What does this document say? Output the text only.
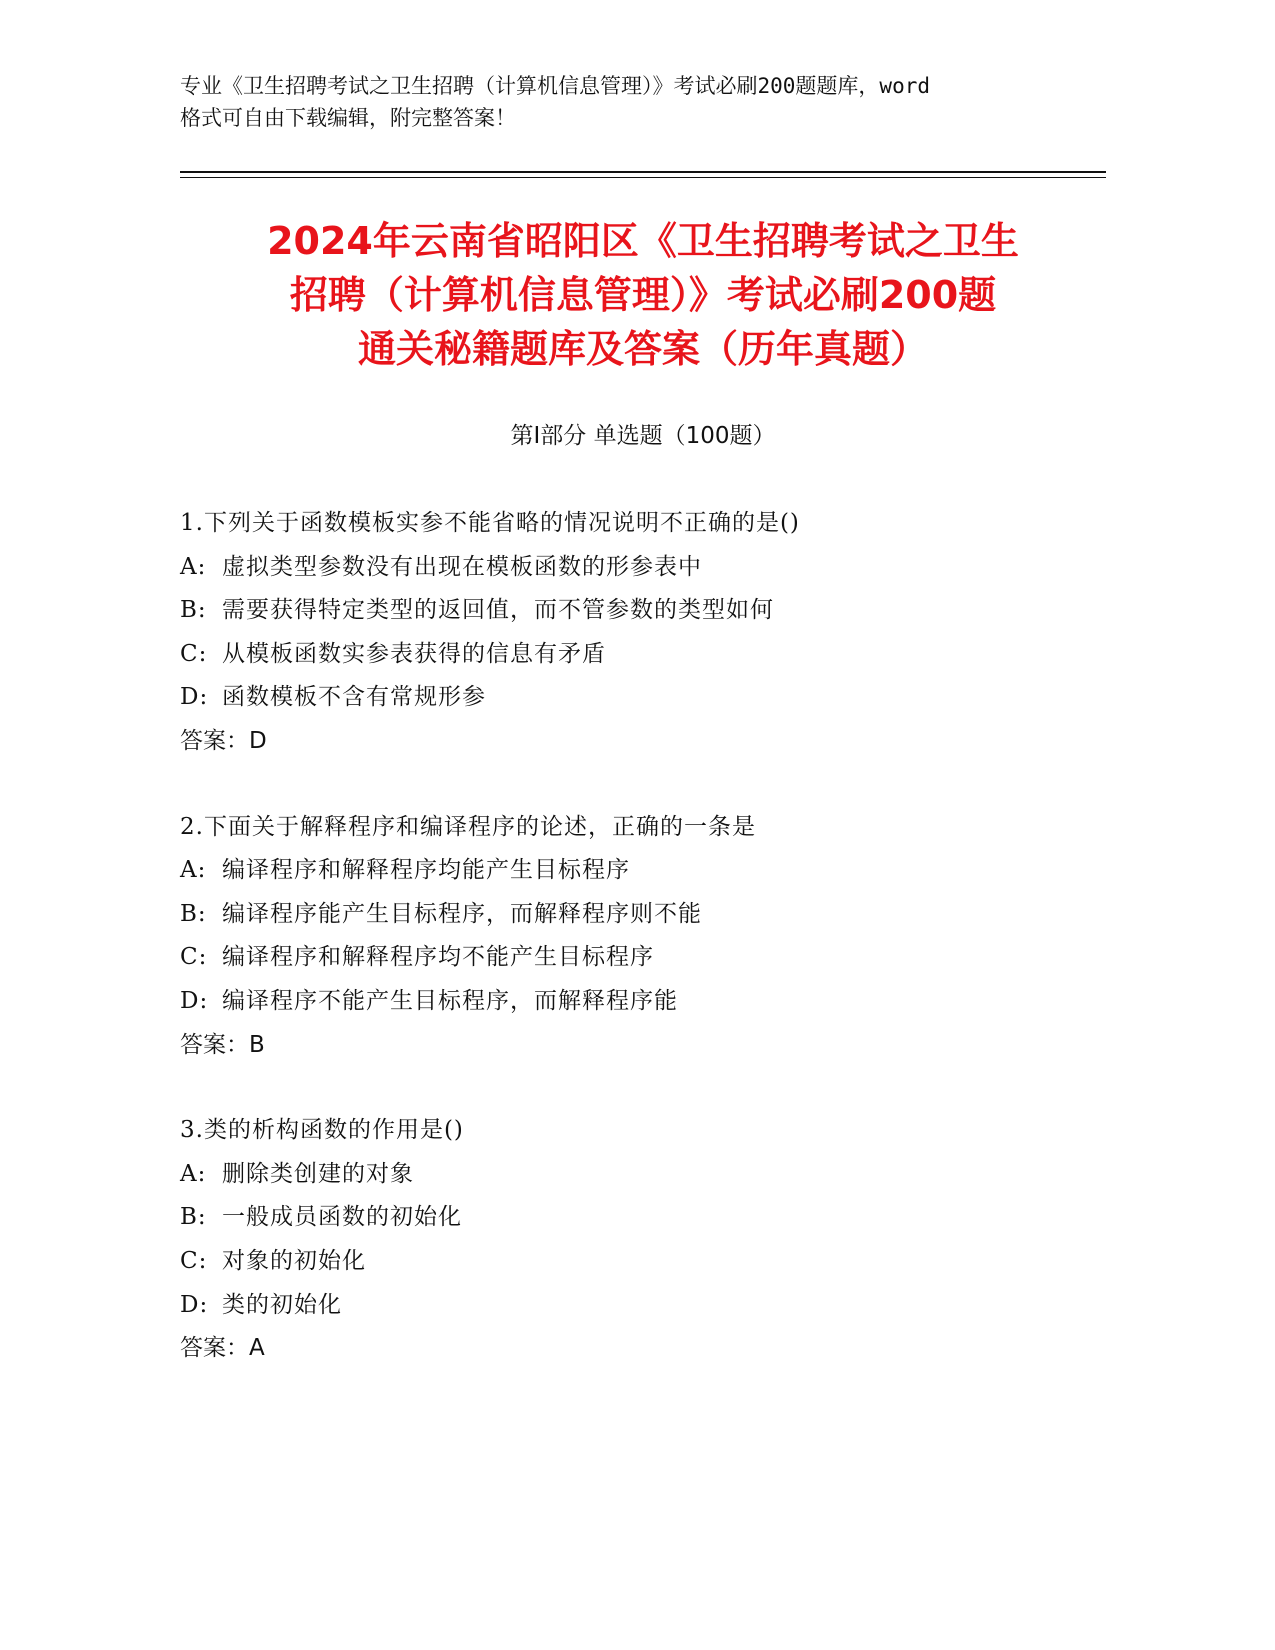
专业《卫生招聘考试之卫生招聘（计算机信息管理）》考试必刷200题题库，word
格式可自由下载编辑，附完整答案！
2024年云南省昭阳区《卫生招聘考试之卫生
招聘（计算机信息管理）》考试必刷200题
通关秘籍题库及答案（历年真题）
第Ⅰ部分 单选题（100题）
1.下列关于函数模板实参不能省略的情况说明不正确的是()
A: 虚拟类型参数没有出现在模板函数的形参表中
B: 需要获得特定类型的返回值，而不管参数的类型如何
C: 从模板函数实参表获得的信息有矛盾
D: 函数模板不含有常规形参
答案：D
2.下面关于解释程序和编译程序的论述，正确的一条是
A: 编译程序和解释程序均能产生目标程序
B: 编译程序能产生目标程序，而解释程序则不能
C: 编译程序和解释程序均不能产生目标程序
D: 编译程序不能产生目标程序，而解释程序能
答案：B
3.类的析构函数的作用是()
A: 删除类创建的对象
B: 一般成员函数的初始化
C: 对象的初始化
D: 类的初始化
答案：A
